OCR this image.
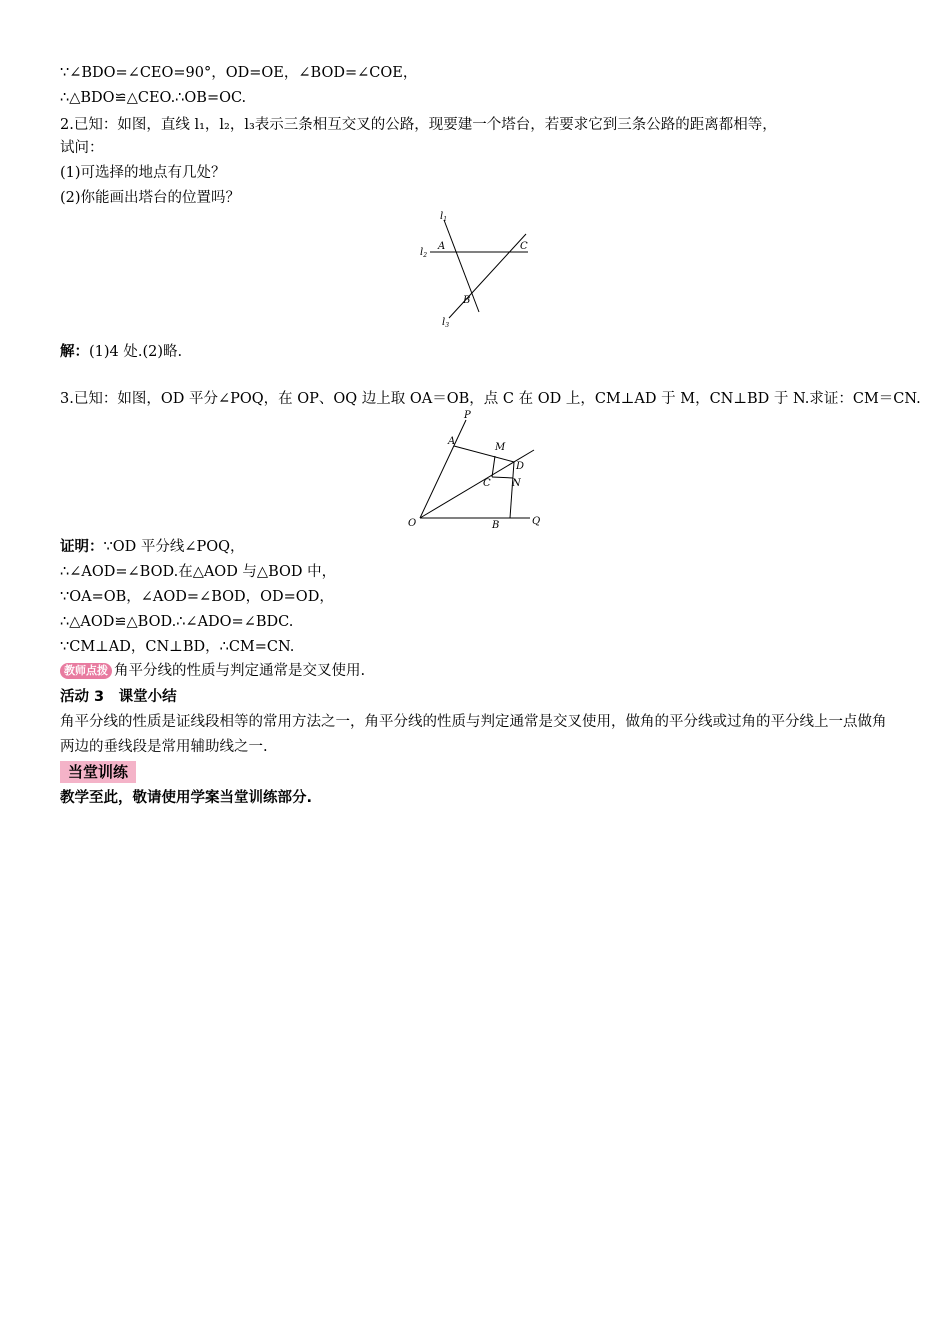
∵∠BDO=∠CEO=90°，OD=OE，∠BOD=∠COE，
∴△BDO≌△CEO.∴OB=OC.
2.已知：如图，直线 l₁，l₂，l₃表示三条相互交叉的公路，现要建一个塔台，若要求它到三条公路的距离都相等，
试问：
(1)可选择的地点有几处？
(2)你能画出塔台的位置吗？
$l_1$
$l_2$
$l_3$
A	C
B
解：(1)4 处.(2)略.
3.已知：如图，OD 平分∠POQ，在 OP、OQ 边上取 OA＝OB，点 C 在 OD 上，CM⊥AD 于 M，CN⊥BD 于 N.求证：CM＝CN.
P
A
M
D
C N
O	B	Q
证明：∵OD 平分线∠POQ，
∴∠AOD=∠BOD.在△AOD 与△BOD 中，
∵OA=OB，∠AOD=∠BOD，OD=OD，
∴△AOD≌△BOD.∴∠ADO=∠BDC.
∵CM⊥AD，CN⊥BD，∴CM=CN.
教师点拨 角平分线的性质与判定通常是交叉使用.
活动 3　课堂小结
角平分线的性质是证线段相等的常用方法之一，角平分线的性质与判定通常是交叉使用，做角的平分线或过角的平分线上一点做角两边的垂线段是常用辅助线之一.
当堂训练
教学至此，敬请使用学案当堂训练部分.
